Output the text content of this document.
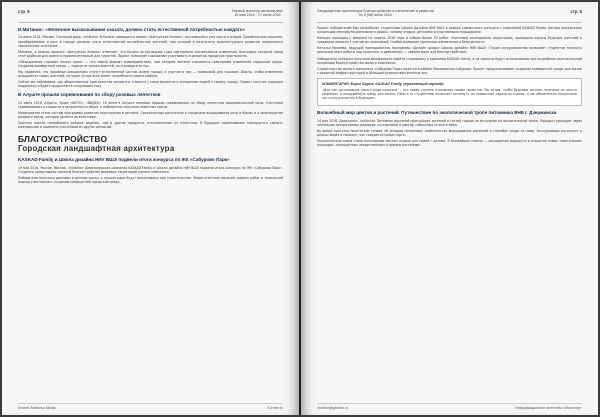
стр. 6	Первый монитор жилкомплекс
16 мая 2016 - 17 июня 2016
И.Митинис: «Железное высказывание сказать должна стать естественной потребностью каждого»

14 июня 2016, Москва, Гостиный двор, «Intilinka» В Казани проводился проект «Шатурская Казань», состоявшийся уже под его эгидой. Дизайнерские решения, преобразование и рост в городе должны стать естественной потребностью жителей, при которой в результате архитектурного развития сохраняются гармоничное сочетание.

Митинис, в рамках проекта «Шатурская Казань» отмечает, что Казань за последние годы претерпела значительные изменения, благодаря которым город стал удобным для жизни и привлекательным для туристов. Проект позволяет горожанам участвовать в развитии городских пространств.

«Объединение горожан вокруг идеи» — это новый формат взаимодействия, при котором жители становятся соавторами изменений городской среды. Создание комфортной среды — задача не только властей, но и каждого из нас.

Мы надеемся, что подобные инициативы станут естественной частью жизни города, а участие в них — привычкой для горожан. Важно, чтобы изменения исходили от самих жителей, которые лучше всех знают потребности своего района.

Сейчас мы наблюдаем, как общественные пространства меняются, а вместе с ними меняется и отношение людей к своему городу. Проект получил широкую поддержку и будет продолжен в следующем году.

В Алуште прошли соревнования по сбору розовых лепестков

14 июня 2016, Алушта, Крым «ФОТО», «ВИДЕО» 16 июня в Алуште впервые прошли соревнования по сбору лепестков эфиромасличной розы. Участники соревновались в скорости и аккуратности сбора, а победители получили памятные призы.

Мероприятие стало частью программы развития агротуризма в регионе. Организаторы рассказали о традициях выращивания розы в Крыму и о производстве розового масла, которое ценится во всём мире.

Зрители смогли попробовать розовое варенье, чай и другие продукты, изготовленные из лепестков. В будущем соревнования планируется сделать ежегодными и привлечь участников из других регионов.

БЛАГОУСТРОЙСТВО
Городская ландшафтная архитектура
KASKAD Family и Школа дизайна НИУ ВШЭ подвели итоги конкурса по ЖК «Сабурово Парк»

19 мая 2016, Россия, Москва, «Intilinka» Девелоперская компания KASKAD Family и Школа дизайна НИУ ВШЭ подвели итоги конкурса по ЖК «Сабурово Парк». Студенты представили проекты благоустройства дворовых территорий жилого комплекса.

Победители получили дипломы и ценные призы, а лучшие идеи будут реализованы при строительстве. Жюри отметило высокий уровень работ и творческий подход участников к созданию комфортной городской среды.

Endeel Business Media	iCenter.ru
Ландшафтная архитектура Благоустройство и озеленение в развитии
№ 5 (68) июнь 2016
стр. 5

Проект победителей был разработан студентами Школы дизайна НИУ ВШЭ в рамках совместного конкурса с компанией KASKAD Family. Авторы предложили концепцию многофункционального двора с зонами отдыха, детскими и спортивными площадками.

Конкурс проходил с февраля по апрель 2016 года и собрал более 30 работ. Участники исследовали территорию, проводили опросы будущих жителей и создавали проекты с учётом их пожеланий. Особое внимание уделялось озеленению и безопасности.

Наталья Михеева, ведущий преподаватель программы «Дизайн среды» Школы дизайна НИУ ВШЭ: «Такое сотрудничество позволяет студентам получить реальный опыт работы над проектом, а девелоперу — свежие идеи для благоустройства».

Победители конкурса получили возможность пройти стажировку в компании KASKAD Family, а их проекты будут использованы при разработке окончательной концепции благоустройства жилого комплекса.

Строительство жилого комплекса «Сабурово Парк» ведётся в районе Москворечье-Сабурово. Проект предусматривает создание комфортной среды для жизни с развитой инфраструктурой и большим количеством зелёных зон.

КОММЕНТАРИЙ: Борис Шуров, KASKAD Family, управляющий партнёр

«Для нас организация такого рода конкурса — это новая ступень в развитии наших проектов. Мы хотим, чтобы будущие жители получили не просто квартиры, а продуманную среду для жизни. Работа со студентами позволяет взглянуть на привычные задачи по-новому, и мы обязательно продолжим это сотрудничество в будущем».

Волшебный мир цветов и растений. Путешествие по экологической тропе питомника ВНЕ г. Дзержинска

24 мая 2016, Дзержинск, «Intilinka» Питомник растений приглашает жителей и гостей города на экскурсию по экологической тропе. Маршрут проходит через коллекции декоративных деревьев, кустарников и цветов, собранных со всего мира.

Во время прогулки посетители узнают об истории питомника, особенностях выращивания растений и способах ухода за ними. Экскурсоводы расскажут о редких видах и покажут, как создаются новые сорта.

Экологическая тропа стала популярным местом отдыха для семей с детьми. В ближайших планах — расширение маршрута и открытие новых тематических площадок, посвящённых лекарственным и пряным растениям.

monitor@yandex.ru	Информационное агентство «Монитор»
